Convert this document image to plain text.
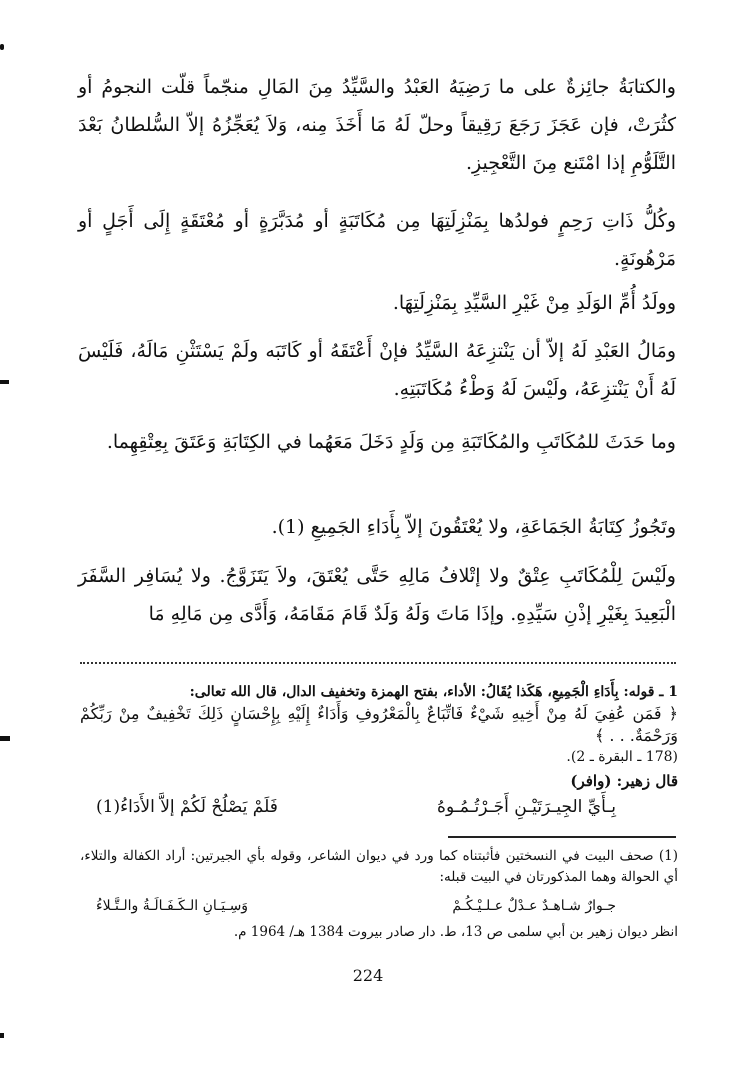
والكتابَةُ جائِزةٌ على ما رَضِيَهُ العَبْدُ والسَّيِّدُ مِنَ المَالِ منجّماً قلّت النجومُ أو كثُرَتْ، فإن عَجَزَ رَجَعَ رَقِيقاً وحلّ لَهُ مَا أَخَذَ مِنه، وَلاَ يُعَجِّزُهُ إلاّ السُّلطانُ بَعْدَ التَّلَوُّمِ إذا امْتَنع مِنَ التَّعْجِيزِ.

وكُلُّ ذَاتِ رَحِمٍ فولدُها بِمَنْزِلَتِهَا مِن مُكَاتَبَةٍ أو مُدَبَّرَةٍ أو مُعْتَقَةٍ إِلَى أَجَلٍ أو مَرْهُونَةٍ.

وولَدُ أُمِّ الوَلَدِ مِنْ غَيْرِ السَّيِّدِ بِمَنْزِلَتِهَا.

ومَالُ العَبْدِ لَهُ إلاّ أن يَنْتزِعَهُ السَّيِّدُ فإنْ أَعْتَقَهُ أو كَاتَبَه ولَمْ يَسْتَثْنِ مَالَهُ، فَلَيْسَ لَهُ أَنْ يَنْتزِعَهُ، ولَيْسَ لَهُ وَطْءُ مُكَاتَبَتِهِ.

وما حَدَثَ للمُكَاتَبِ والمُكَاتَبَةِ مِن وَلَدٍ دَخَلَ مَعَهُما في الكِتَابَةِ وَعَتَقَ بِعِتْقِهِما.

وتَجُوزُ كِتَابَةُ الجَمَاعَةِ، ولا يُعْتَقُونَ إلاّ بِأَدَاءِ الجَمِيعِ (1).

ولَيْسَ لِلْمُكَاتَبِ عِتْقٌ ولا إتْلافُ مَالِهِ حَتَّى يُعْتَقَ، ولاَ يَتَزَوَّجُ. ولا يُسَافِر السَّفَرَ الْبَعِيدَ بِغَيْرِ إذْنِ سَيِّدِهِ. وإذَا مَاتَ وَلَهُ وَلَدٌ قَامَ مَقَامَهُ، وَأَدَّى مِن مَالِهِ مَا

1 ـ قوله: بِأَدَاءِ الْجَمِيعِ، هَكَذا يُقَالُ: الأداء، بفتح الهمزة وتخفيف الدال، قال الله تعالى:

﴿ فَمَن عُفِيَ لَهُ مِنْ أَخِيهِ شَيْءٌ فَاتِّبَاعٌ بِالْمَعْرُوفِ وَأَدَاءٌ إِلَيْهِ بِإِحْسَانٍ ذَلِكَ تَخْفِيفٌ مِنْ رَبِّكُمْ وَرَحْمَةٌ. . . ﴾

(178 ـ البقرة ـ 2).

قال زهير: (وافر)

بِـأَيِّ الجِيـرَتَيْـنِ أَجَـرْتُـمُـوهُ
فَلَمْ يَصْلُحْ لَكُمْ إلاَّ الأَدَاءُ(1)

(1) صحف البيت في النسختين فأثبتناه كما ورد في ديوان الشاعر، وقوله بأي الجيرتين: أراد الكفالة والتلاء، أي الحوالة وهما المذكورتان في البيت قبله:

جـوارٌ شـاهـدٌ عـدْلٌ عـلـيْـكُـمْ
وَسِـيَـانِ الـكَـفَـالَـةُ والـتَّـلاءُ

انظر ديوان زهير بن أبي سلمى ص 13، ط. دار صادر بيروت 1384 هـ/ 1964 م.

224
